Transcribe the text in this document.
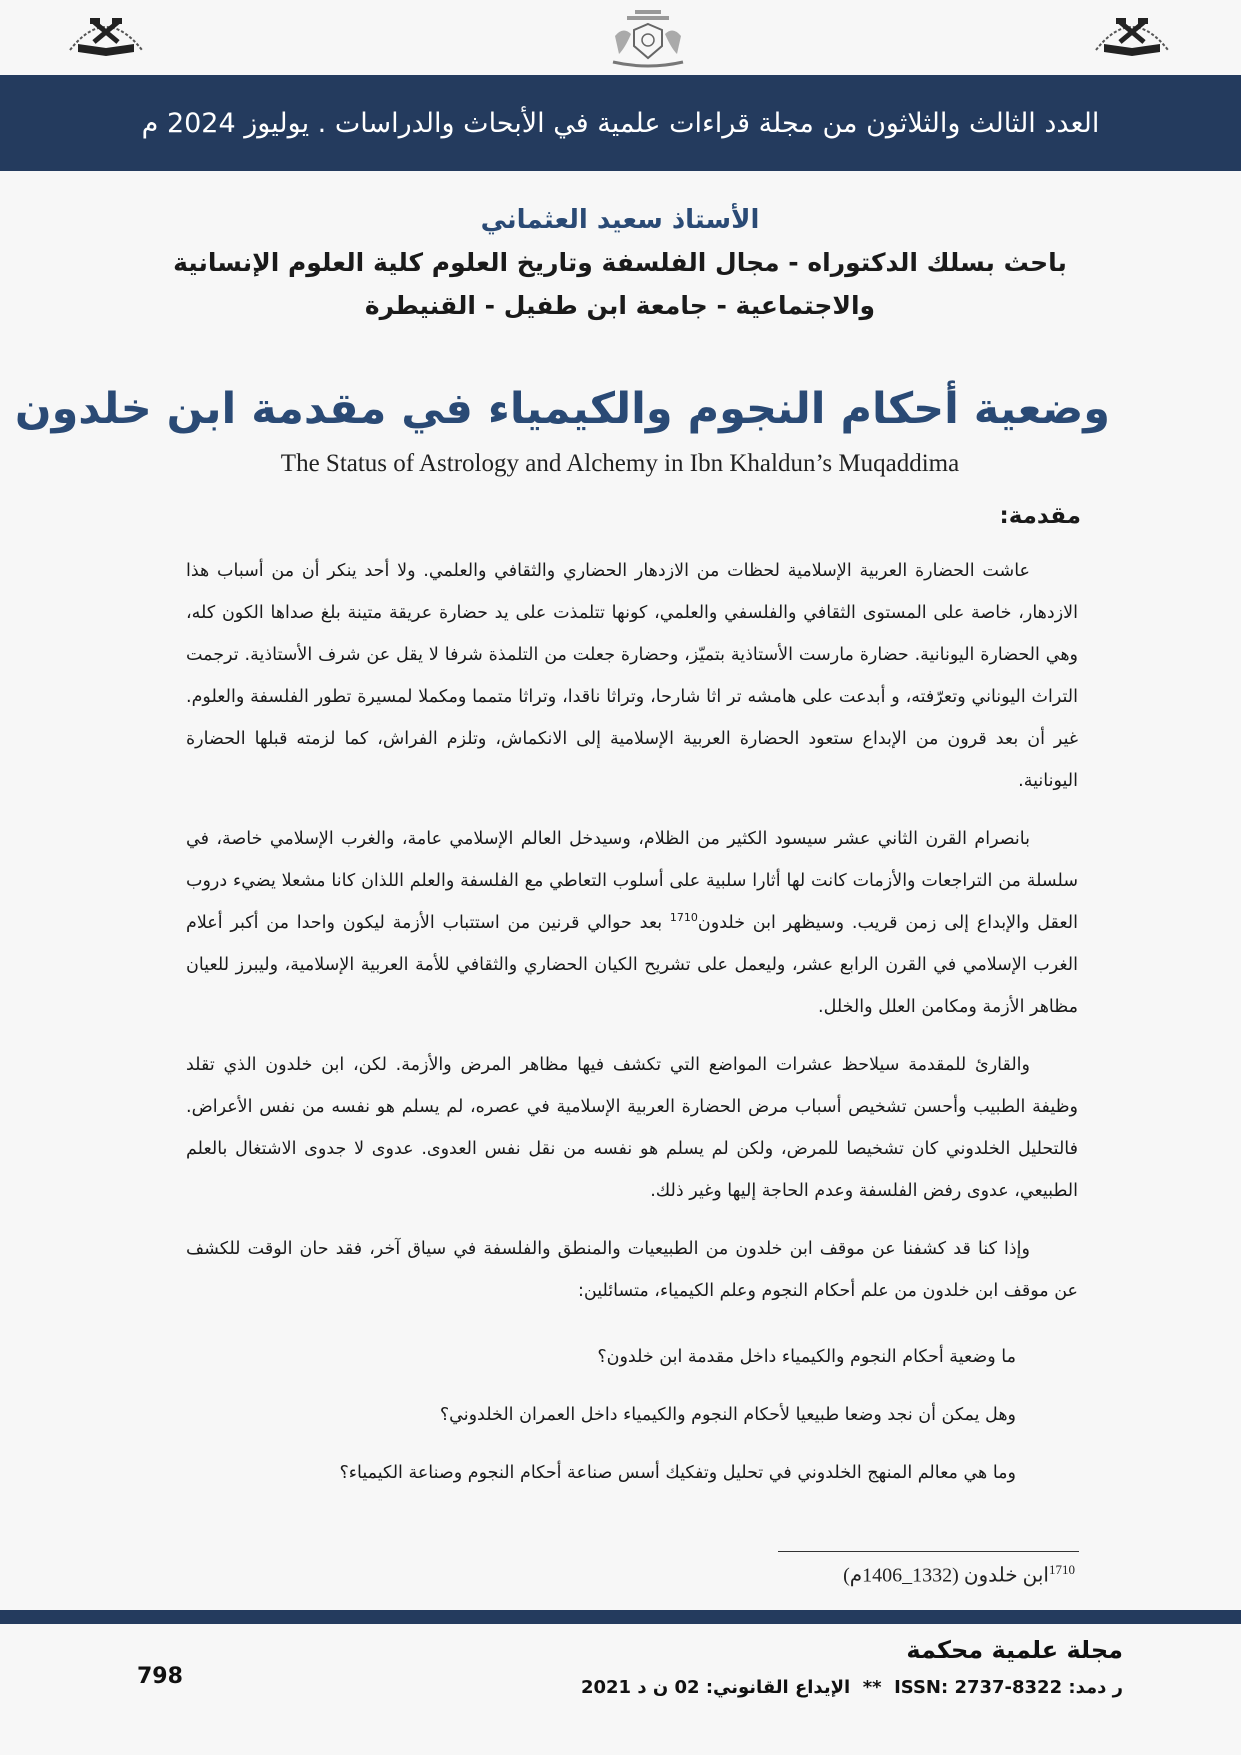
العدد الثالث والثلاثون من مجلة قراءات علمية في الأبحاث والدراسات . يوليوز 2024 م
الأستاذ سعيد العثماني
باحث بسلك الدكتوراه - مجال الفلسفة وتاريخ العلوم كلية العلوم الإنسانية
والاجتماعية - جامعة ابن طفيل - القنيطرة
وضعية أحكام النجوم والكيمياء في مقدمة ابن خلدون
The Status of Astrology and Alchemy in Ibn Khaldun’s Muqaddima
مقدمة:

عاشت الحضارة العربية الإسلامية لحظات من الازدهار الحضاري والثقافي والعلمي. ولا أحد ينكر أن من أسباب هذا الازدهار، خاصة على المستوى الثقافي والفلسفي والعلمي، كونها تتلمذت على يد حضارة عريقة متينة بلغ صداها الكون كله، وهي الحضارة اليونانية. حضارة مارست الأستاذية بتميّز، وحضارة جعلت من التلمذة شرفا لا يقل عن شرف الأستاذية. ترجمت التراث اليوناني وتعرّفته، و أبدعت على هامشه تر اثا شارحا، وتراثا ناقدا، وتراثا متمما ومكملا لمسيرة تطور الفلسفة والعلوم. غير أن بعد قرون من الإبداع ستعود الحضارة العربية الإسلامية إلى الانكماش، وتلزم الفراش، كما لزمته قبلها الحضارة اليونانية.

بانصرام القرن الثاني عشر سيسود الكثير من الظلام، وسيدخل العالم الإسلامي عامة، والغرب الإسلامي خاصة، في سلسلة من التراجعات والأزمات كانت لها أثارا سلبية على أسلوب التعاطي مع الفلسفة والعلم اللذان كانا مشعلا يضيء دروب العقل والإبداع إلى زمن قريب. وسيظهر ابن خلدون$^{1710}$ بعد حوالي قرنين من استتباب الأزمة ليكون واحدا من أكبر أعلام الغرب الإسلامي في القرن الرابع عشر، وليعمل على تشريح الكيان الحضاري والثقافي للأمة العربية الإسلامية، وليبرز للعيان مظاهر الأزمة ومكامن العلل والخلل.

والقارئ للمقدمة سيلاحظ عشرات المواضع التي تكشف فيها مظاهر المرض والأزمة. لكن، ابن خلدون الذي تقلد وظيفة الطبيب وأحسن تشخيص أسباب مرض الحضارة العربية الإسلامية في عصره، لم يسلم هو نفسه من نفس الأعراض. فالتحليل الخلدوني كان تشخيصا للمرض، ولكن لم يسلم هو نفسه من نقل نفس العدوى. عدوى لا جدوى الاشتغال بالعلم الطبيعي، عدوى رفض الفلسفة وعدم الحاجة إليها وغير ذلك.

وإذا كنا قد كشفنا عن موقف ابن خلدون من الطبيعيات والمنطق والفلسفة في سياق آخر، فقد حان الوقت للكشف عن موقف ابن خلدون من علم أحكام النجوم وعلم الكيمياء، متسائلين:

ما وضعية أحكام النجوم والكيمياء داخل مقدمة ابن خلدون؟

وهل يمكن أن نجد وضعا طبيعيا لأحكام النجوم والكيمياء داخل العمران الخلدوني؟

وما هي معالم المنهج الخلدوني في تحليل وتفكيك أسس صناعة أحكام النجوم وصناعة الكيمياء؟

$^{1710}$ابن خلدون (1332_1406م)
مجلة علمية محكمة
ر دمد: ISSN: 2737-8322  **  الإيداع القانوني: 02 ن د 2021
798
